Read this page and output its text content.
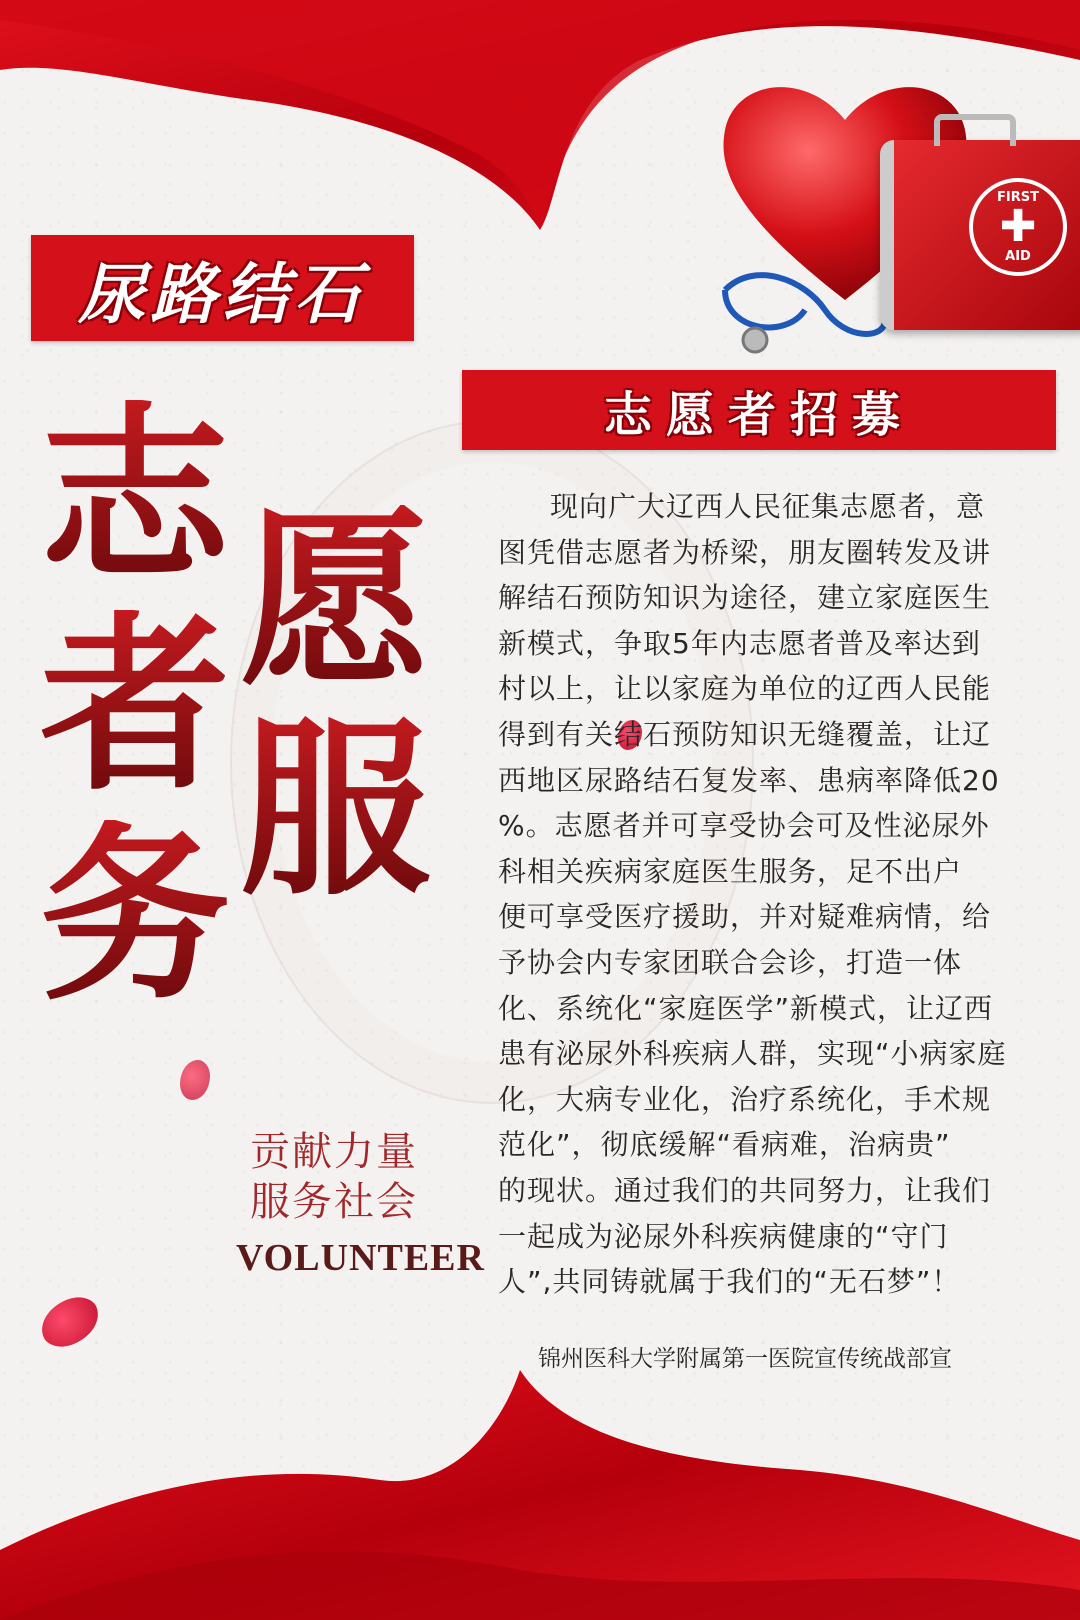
FIRST
✚
AID
尿路结石
志愿者招募
志 愿
者 服
务
贡献力量
服务社会
VOLUNTEER
现向广大辽西人民征集志愿者，意
图凭借志愿者为桥梁，朋友圈转发及讲
解结石预防知识为途径，建立家庭医生
新模式，争取5年内志愿者普及率达到
村以上，让以家庭为单位的辽西人民能
得到有关结石预防知识无缝覆盖，让辽
西地区尿路结石复发率、患病率降低20
%。志愿者并可享受协会可及性泌尿外
科相关疾病家庭医生服务，足不出户
便可享受医疗援助，并对疑难病情，给
予协会内专家团联合会诊，打造一体
化、系统化“家庭医学”新模式，让辽西
患有泌尿外科疾病人群，实现“小病家庭
化，大病专业化，治疗系统化，手术规
范化”，彻底缓解“看病难，治病贵”
的现状。通过我们的共同努力，让我们
一起成为泌尿外科疾病健康的“守门
人”,共同铸就属于我们的“无石梦”！
锦州医科大学附属第一医院宣传统战部宣
